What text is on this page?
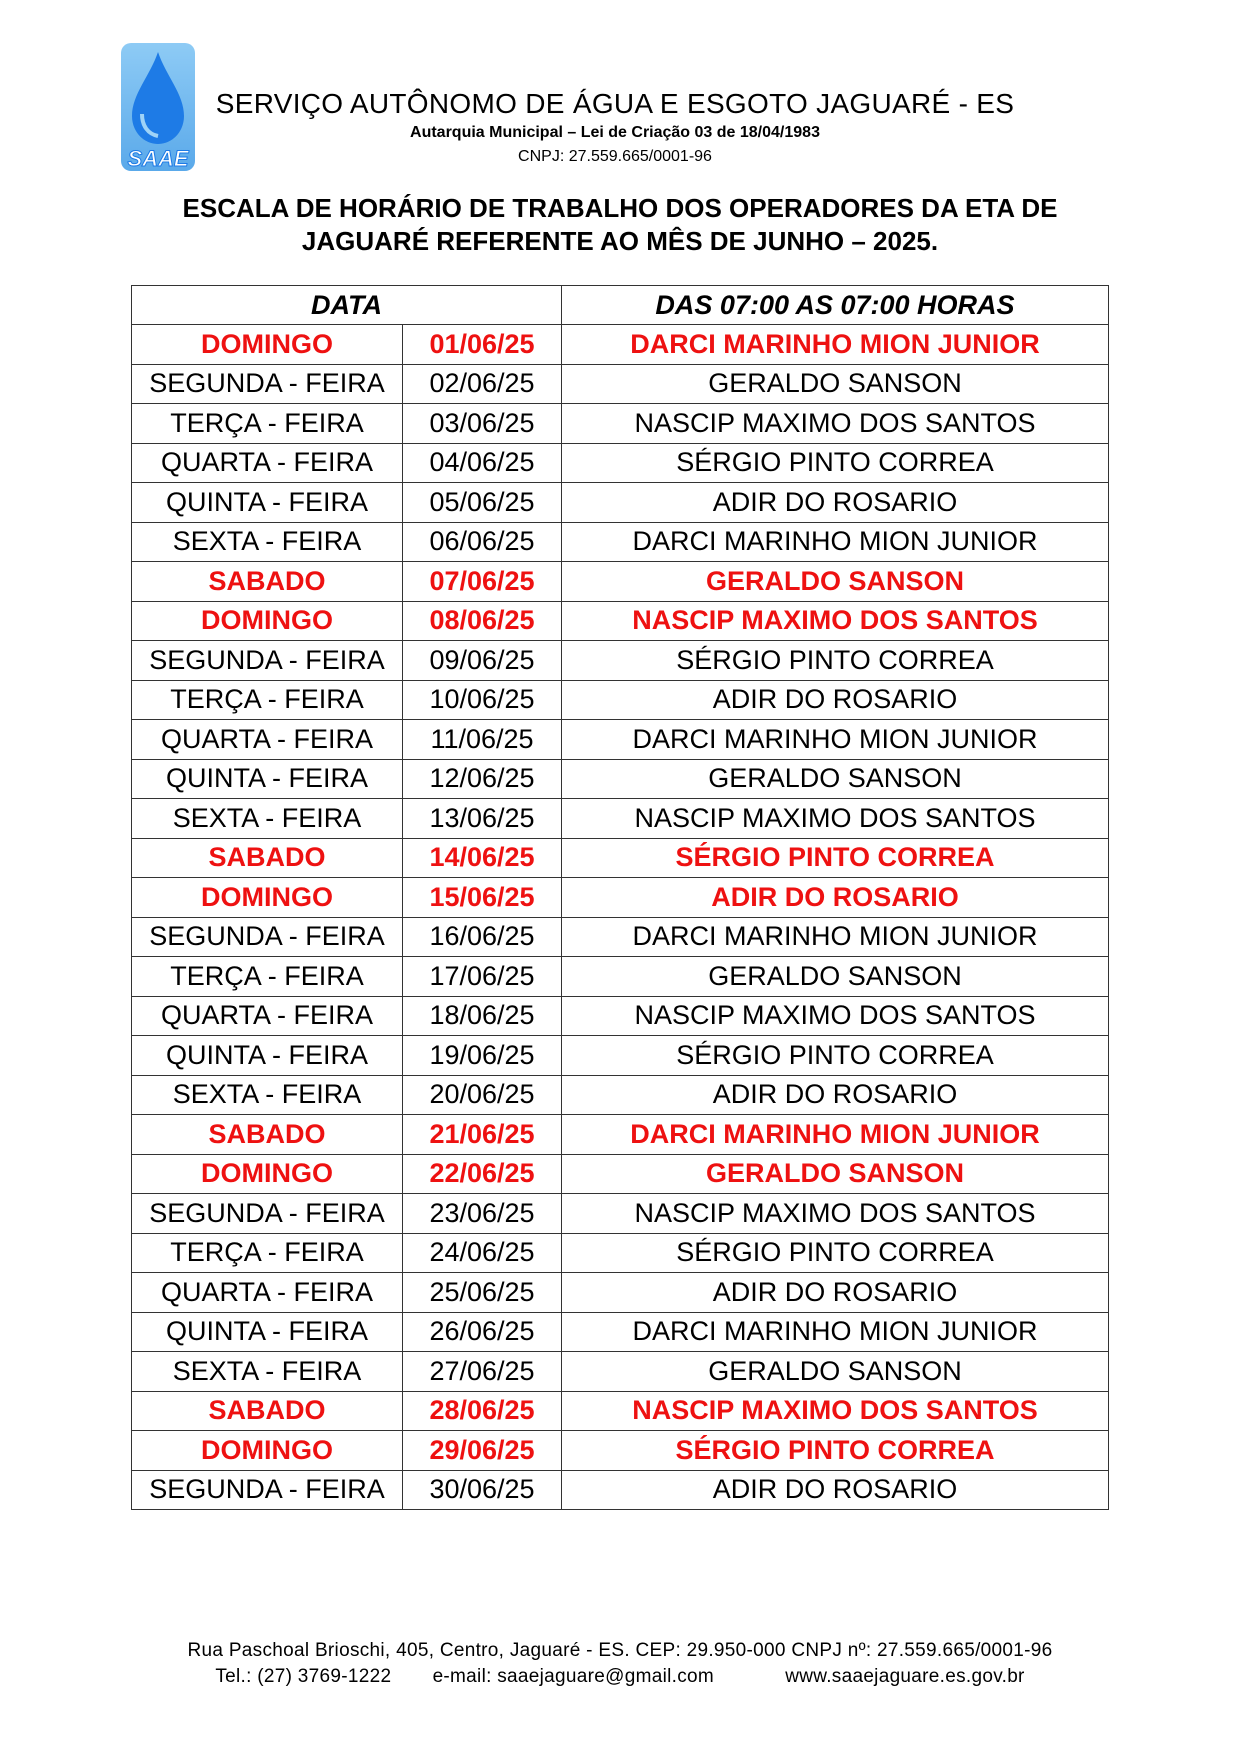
SAAE
SERVIÇO AUTÔNOMO DE ÁGUA E ESGOTO JAGUARÉ - ES
Autarquia Municipal – Lei de Criação 03 de 18/04/1983
CNPJ: 27.559.665/0001-96
ESCALA DE HORÁRIO DE TRABALHO DOS OPERADORES DA ETA DE
JAGUARÉ REFERENTE AO MÊS DE JUNHO – 2025.
DATA		DAS 07:00 AS 07:00 HORAS
DOMINGO	01/06/25	DARCI MARINHO MION JUNIOR
SEGUNDA - FEIRA	02/06/25	GERALDO SANSON
TERÇA - FEIRA	03/06/25	NASCIP MAXIMO DOS SANTOS
QUARTA - FEIRA	04/06/25	SÉRGIO PINTO CORREA
QUINTA - FEIRA	05/06/25	ADIR DO ROSARIO
SEXTA - FEIRA	06/06/25	DARCI MARINHO MION JUNIOR
SABADO	07/06/25	GERALDO SANSON
DOMINGO	08/06/25	NASCIP MAXIMO DOS SANTOS
SEGUNDA - FEIRA	09/06/25	SÉRGIO PINTO CORREA
TERÇA - FEIRA	10/06/25	ADIR DO ROSARIO
QUARTA - FEIRA	11/06/25	DARCI MARINHO MION JUNIOR
QUINTA - FEIRA	12/06/25	GERALDO SANSON
SEXTA - FEIRA	13/06/25	NASCIP MAXIMO DOS SANTOS
SABADO	14/06/25	SÉRGIO PINTO CORREA
DOMINGO	15/06/25	ADIR DO ROSARIO
SEGUNDA - FEIRA	16/06/25	DARCI MARINHO MION JUNIOR
TERÇA - FEIRA	17/06/25	GERALDO SANSON
QUARTA - FEIRA	18/06/25	NASCIP MAXIMO DOS SANTOS
QUINTA - FEIRA	19/06/25	SÉRGIO PINTO CORREA
SEXTA - FEIRA	20/06/25	ADIR DO ROSARIO
SABADO	21/06/25	DARCI MARINHO MION JUNIOR
DOMINGO	22/06/25	GERALDO SANSON
SEGUNDA - FEIRA	23/06/25	NASCIP MAXIMO DOS SANTOS
TERÇA - FEIRA	24/06/25	SÉRGIO PINTO CORREA
QUARTA - FEIRA	25/06/25	ADIR DO ROSARIO
QUINTA - FEIRA	26/06/25	DARCI MARINHO MION JUNIOR
SEXTA - FEIRA	27/06/25	GERALDO SANSON
SABADO	28/06/25	NASCIP MAXIMO DOS SANTOS
DOMINGO	29/06/25	SÉRGIO PINTO CORREA
SEGUNDA - FEIRA	30/06/25	ADIR DO ROSARIO
Rua Paschoal Brioschi, 405, Centro, Jaguaré - ES. CEP: 29.950-000 CNPJ nº: 27.559.665/0001-96
Tel.: (27) 3769-1222 e-mail: saaejaguare@gmail.com	www.saaejaguare.es.gov.br
